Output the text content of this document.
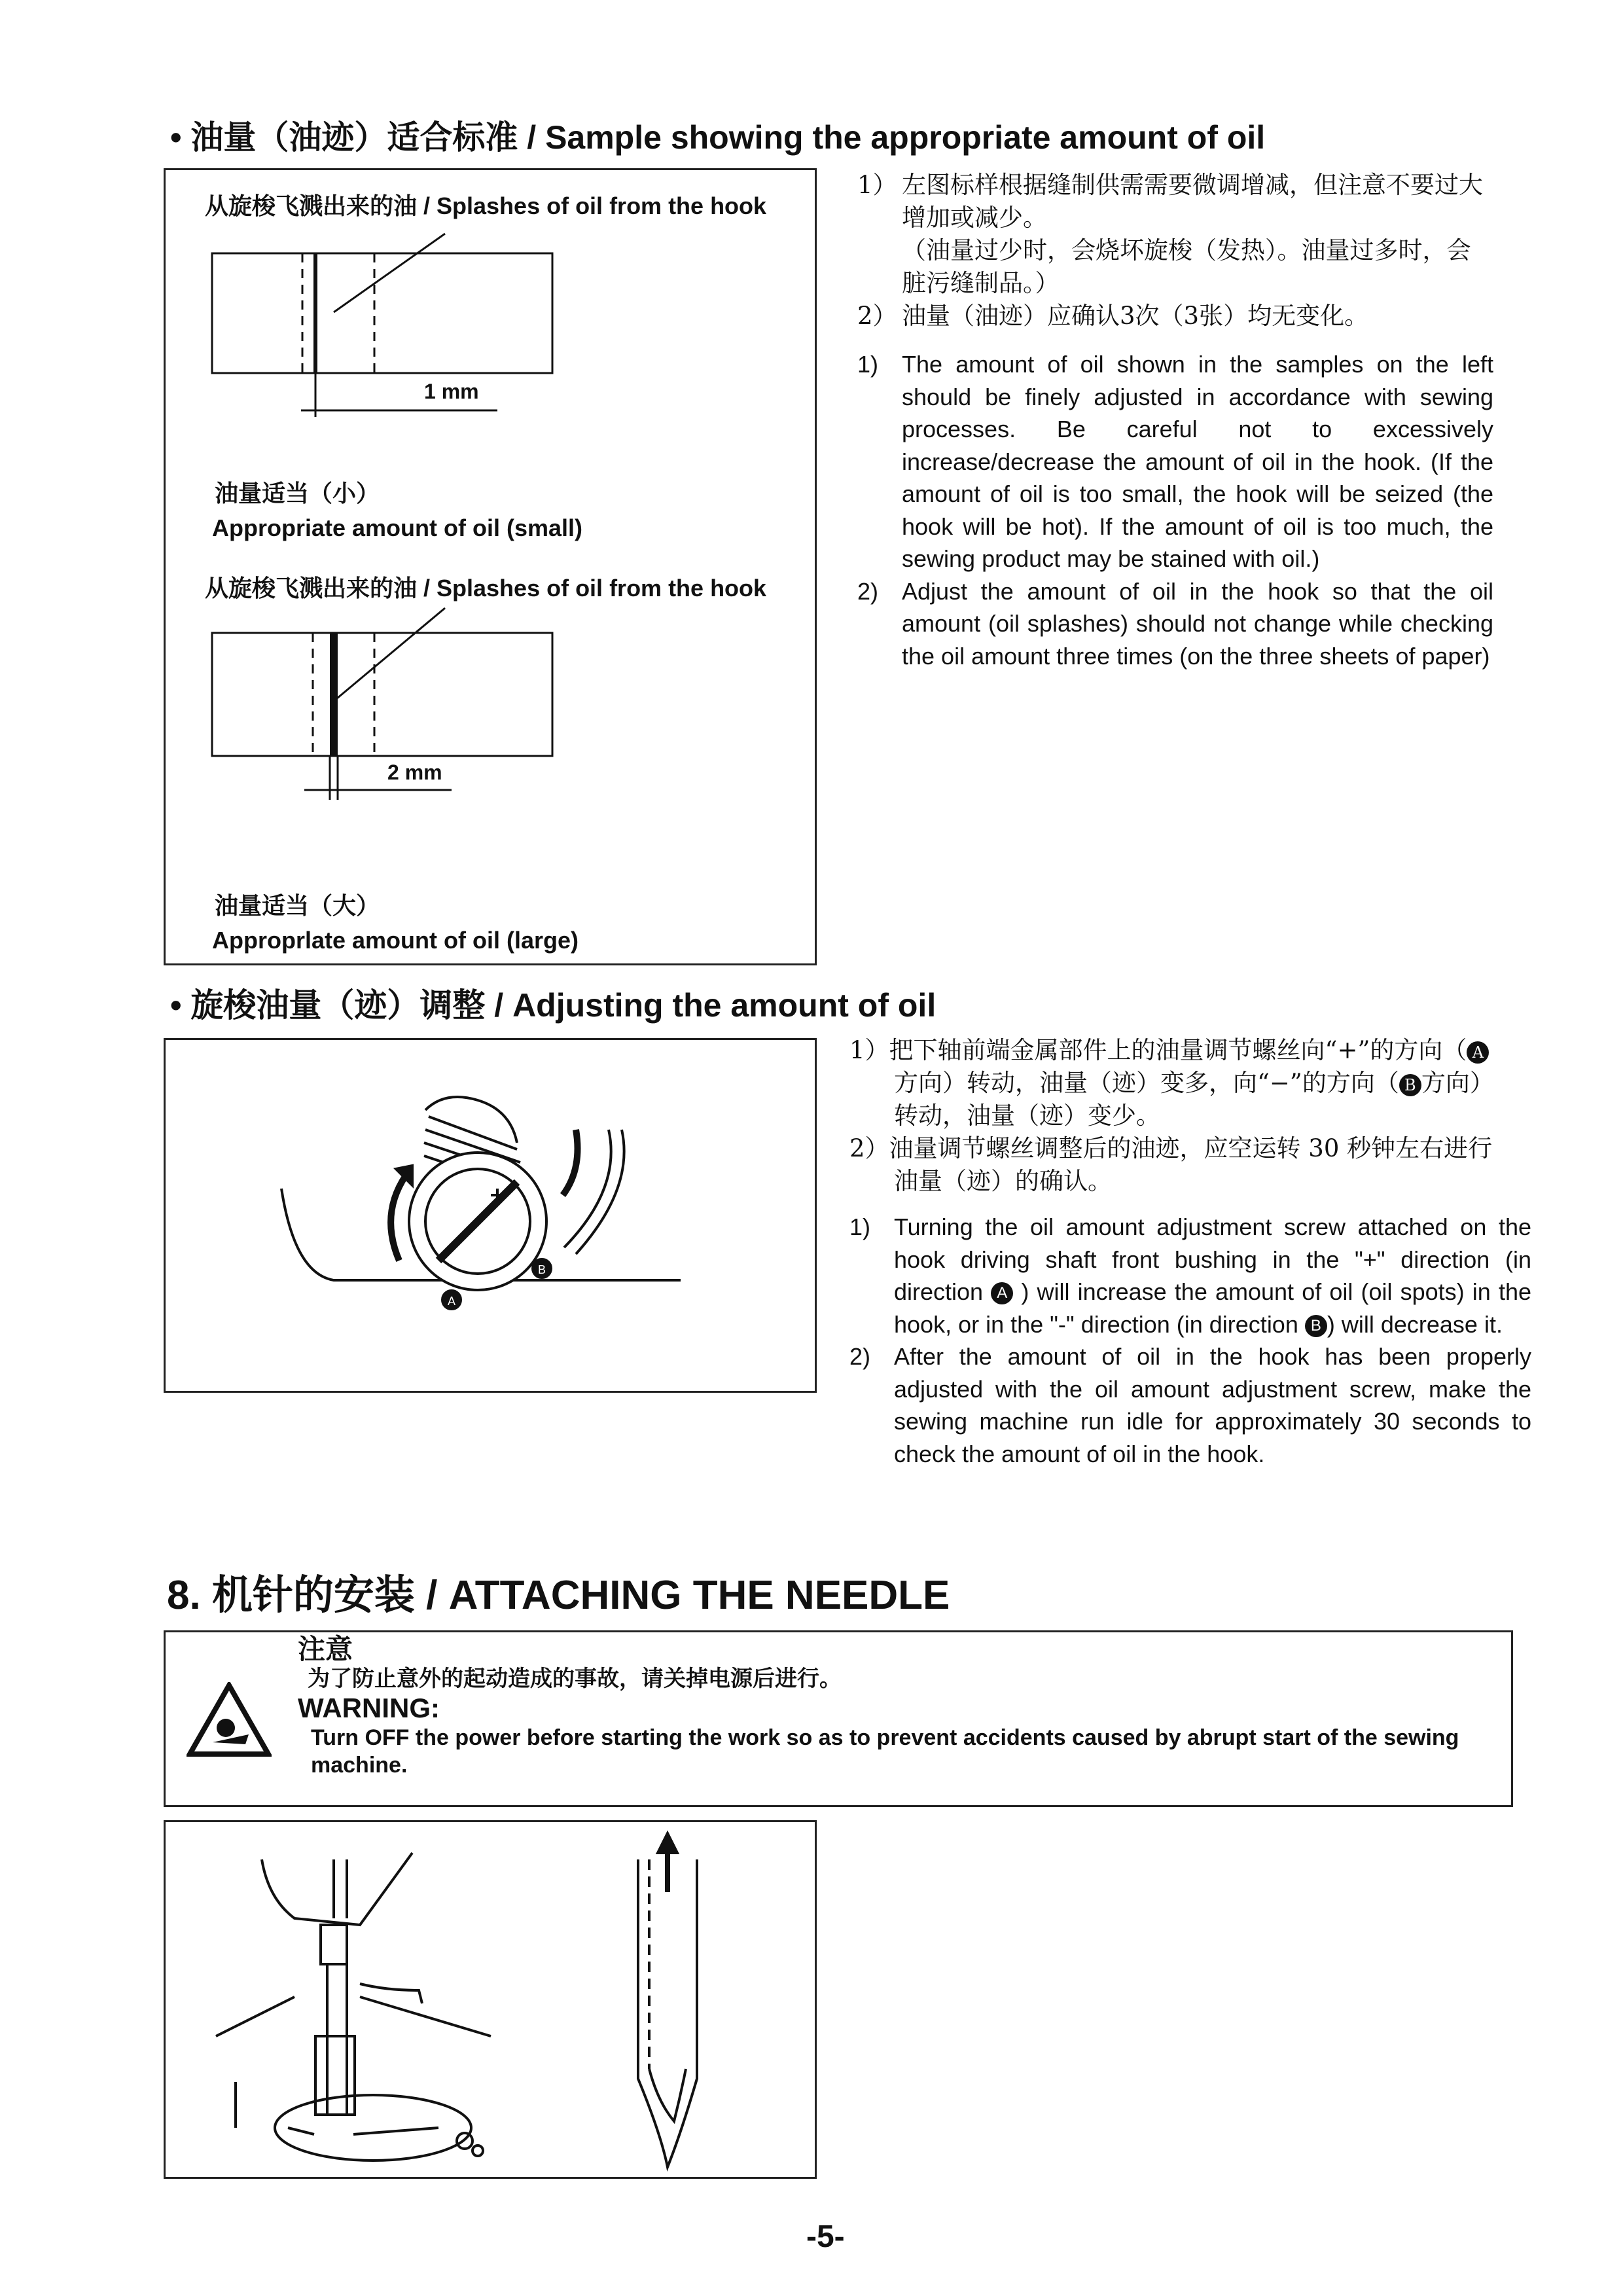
• 油量（油迹）适合标准 / Sample showing the appropriate amount of oil
从旋梭飞溅出来的油 / Splashes of oil from the hook
1 mm
油量适当（小）
Appropriate amount of oil (small)
从旋梭飞溅出来的油 / Splashes of oil from the hook
2 mm
油量适当（大）
Approprlate amount of oil (large)
1） 左图标样根据缝制供需需要微调增减，但注意不要过大增加或减少。
（油量过少时，会烧坏旋梭（发热）。油量过多时，会脏污缝制品。）
2） 油量（油迹）应确认3次（3张）均无变化。
1) The amount of oil shown in the samples on the left should be finely adjusted in accordance with sewing processes. Be careful not to excessively increase/decrease the amount of oil in the hook. (If the amount of oil is too small, the hook will be seized (the hook will be hot). If the amount of oil is too much, the sewing product may be stained with oil.)
2) Adjust the amount of oil in the hook so that the oil amount (oil splashes) should not change while checking the oil amount three times (on the three sheets of paper)
• 旋梭油量（迹）调整 / Adjusting the amount of oil
A
B
1）把下轴前端金属部件上的油量调节螺丝向“+”的方向（ A方向）转动，油量（迹）变多，向“−”的方向（ B 方向）转动，油量（迹）变少。
2）油量调节螺丝调整后的油迹，应空运转 30 秒钟左右进行油量（迹）的确认。
1) Turning the oil amount adjustment screw attached on the hook driving shaft front bushing in the "+" direction (in direction A ) will increase the amount of oil (oil spots) in the hook, or in the "-" direction (in direction B ) will decrease it.
2) After the amount of oil in the hook has been properly adjusted with the oil amount adjustment screw, make the sewing machine run idle for approximately 30 seconds to check the amount of oil in the hook.
8. 机针的安装 / ATTACHING THE NEEDLE
注意
为了防止意外的起动造成的事故，请关掉电源后进行。
WARNING:
Turn OFF the power before starting the work so as to prevent accidents caused by abrupt start of the sewing machine.
-5-
